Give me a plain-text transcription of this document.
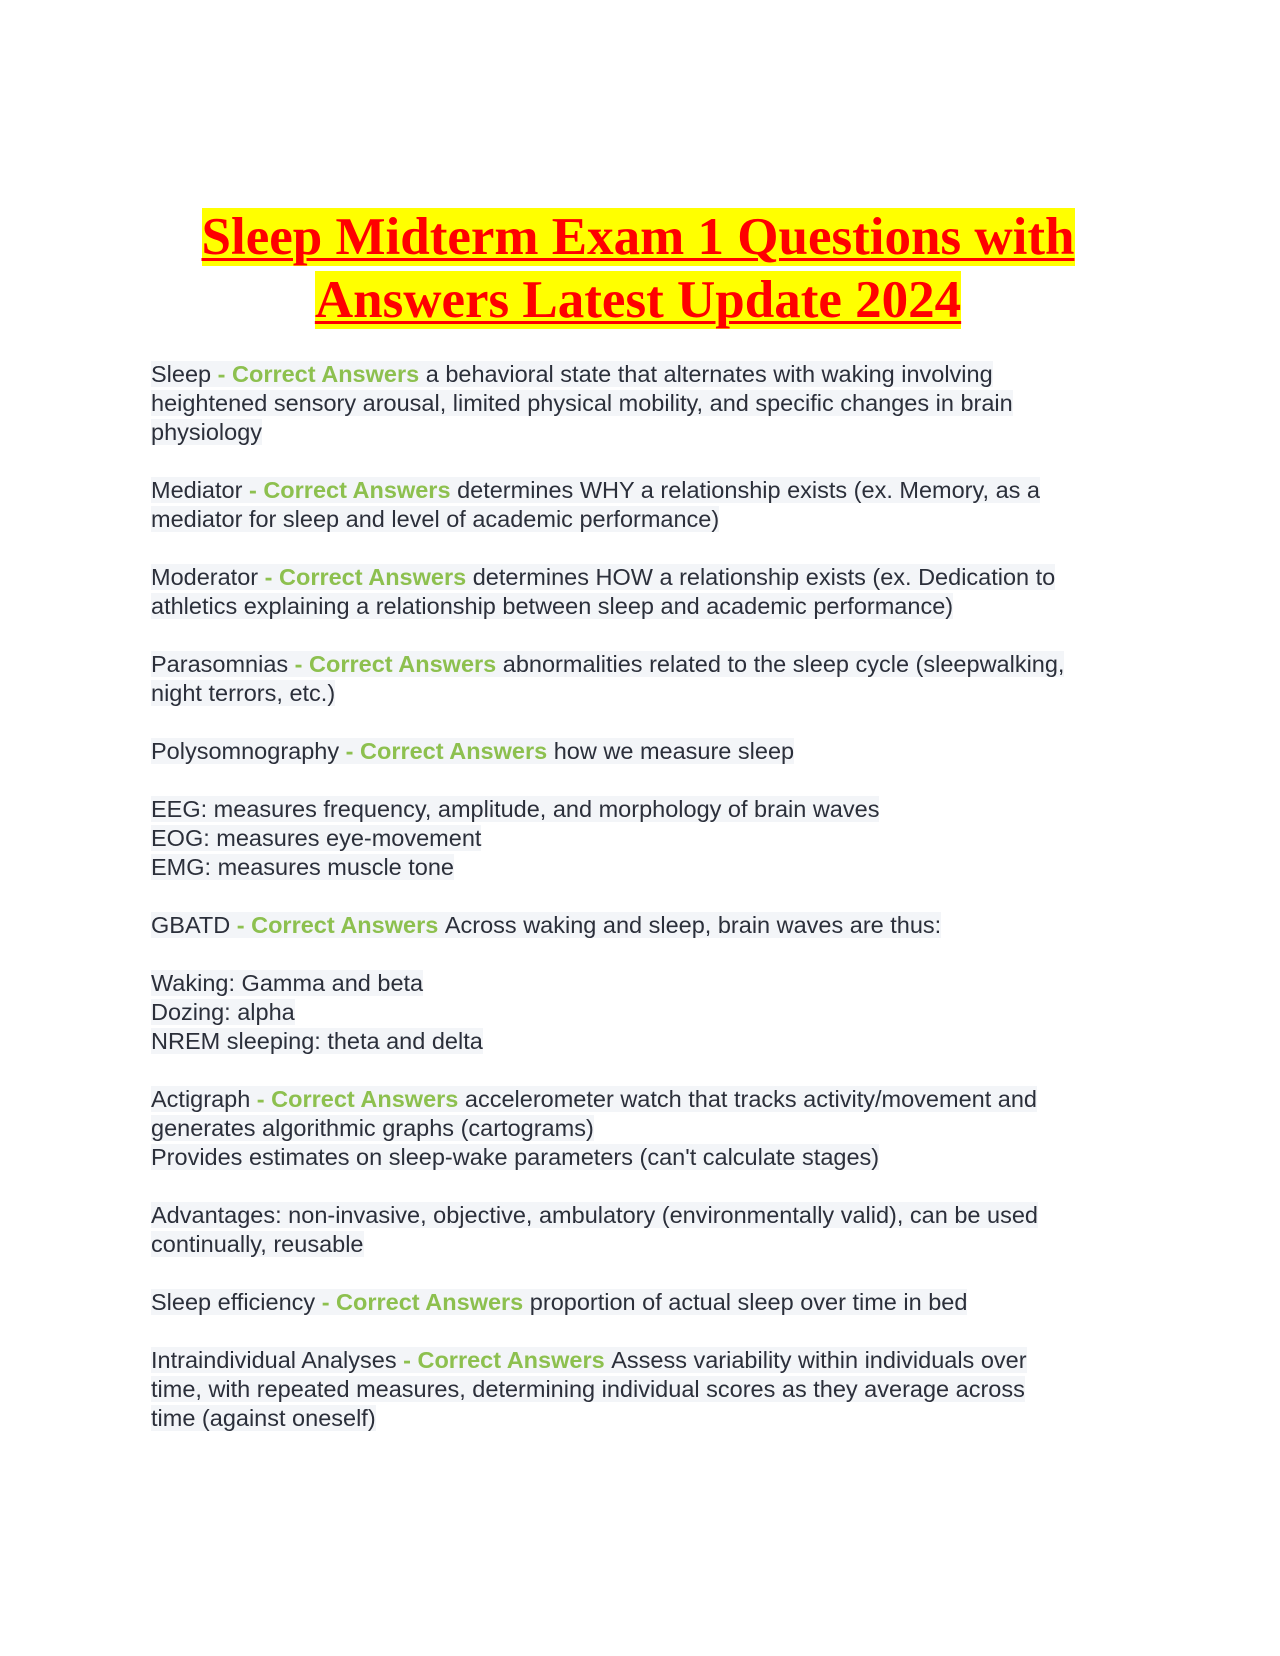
Sleep Midterm Exam 1 Questions with
Answers Latest Update 2024
Sleep - Correct Answers a behavioral state that alternates with waking involving
heightened sensory arousal, limited physical mobility, and specific changes in brain
physiology
Mediator - Correct Answers determines WHY a relationship exists (ex. Memory, as a
mediator for sleep and level of academic performance)
Moderator - Correct Answers determines HOW a relationship exists (ex. Dedication to
athletics explaining a relationship between sleep and academic performance)
Parasomnias - Correct Answers abnormalities related to the sleep cycle (sleepwalking,
night terrors, etc.)
Polysomnography - Correct Answers how we measure sleep
EEG: measures frequency, amplitude, and morphology of brain waves
EOG: measures eye-movement
EMG: measures muscle tone
GBATD - Correct Answers Across waking and sleep, brain waves are thus:
Waking: Gamma and beta
Dozing: alpha
NREM sleeping: theta and delta
Actigraph - Correct Answers accelerometer watch that tracks activity/movement and
generates algorithmic graphs (cartograms)
Provides estimates on sleep-wake parameters (can't calculate stages)
Advantages: non-invasive, objective, ambulatory (environmentally valid), can be used
continually, reusable
Sleep efficiency - Correct Answers proportion of actual sleep over time in bed
Intraindividual Analyses - Correct Answers Assess variability within individuals over
time, with repeated measures, determining individual scores as they average across
time (against oneself)
